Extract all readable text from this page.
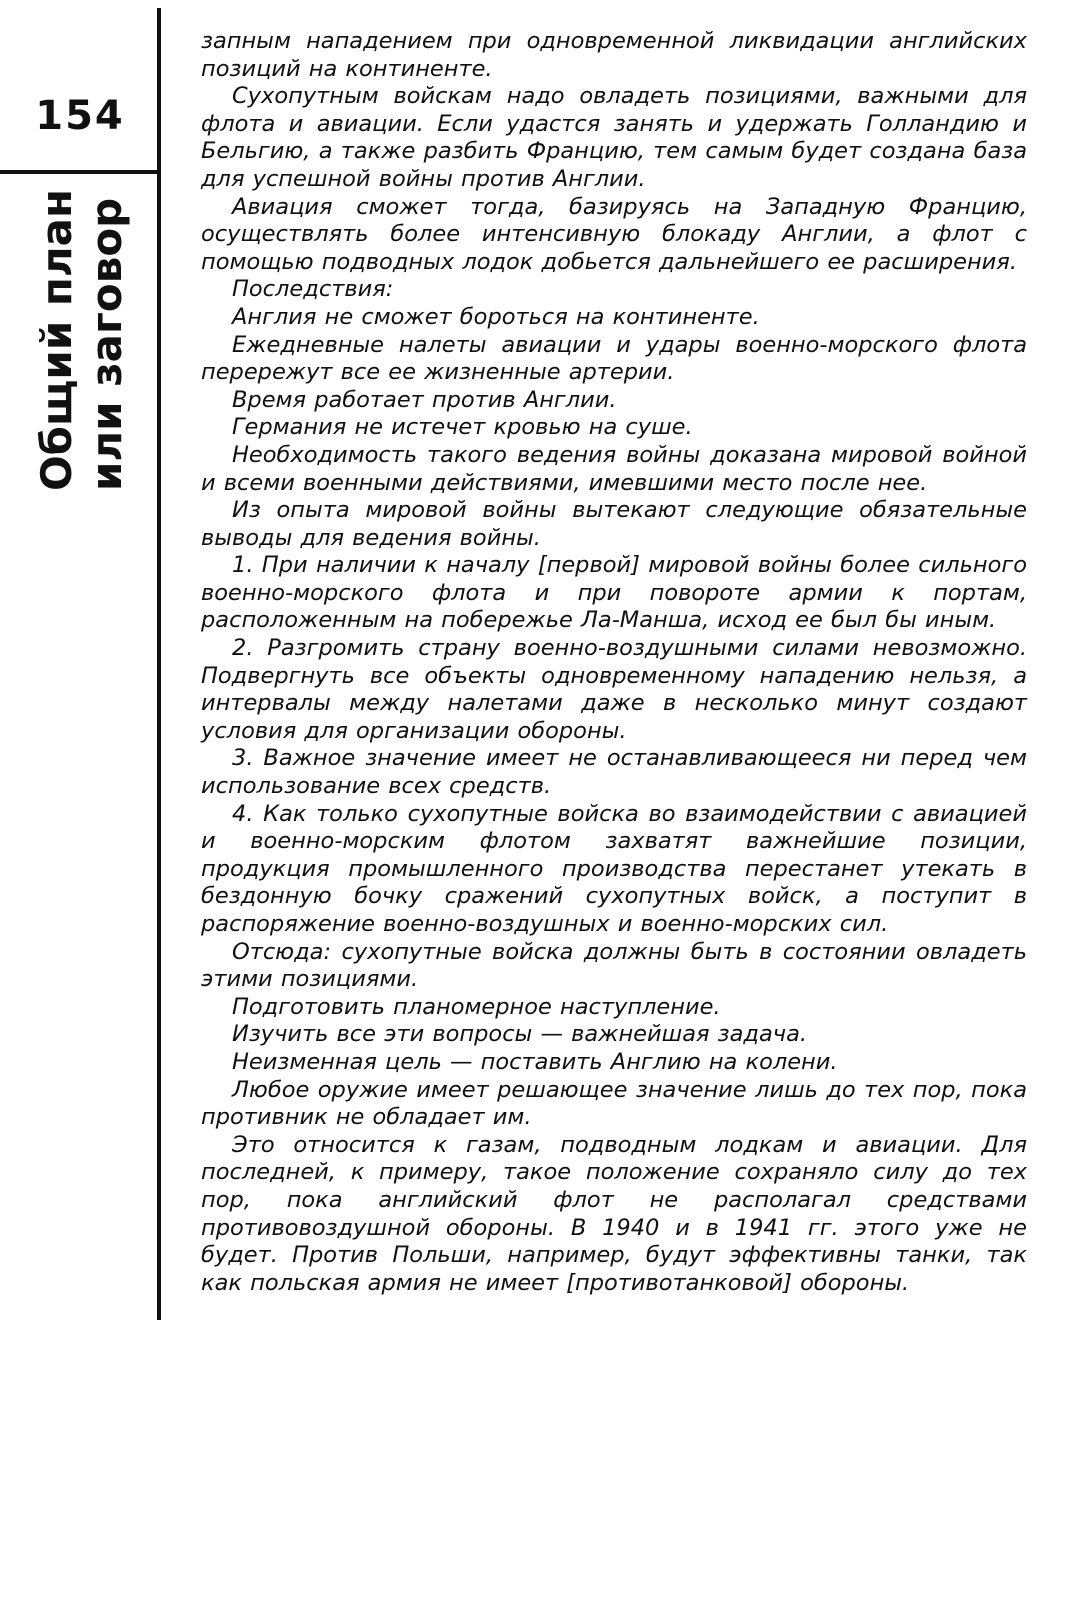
154
Общий план или заговор

запным нападением при одновременной ликвидации английских позиций на континенте.

Сухопутным войскам надо овладеть позициями, важными для флота и авиации. Если удастся занять и удержать Голландию и Бельгию, а также разбить Францию, тем самым будет создана база для успешной войны против Англии.

Авиация сможет тогда, базируясь на Западную Францию, осуществлять более интенсивную блокаду Англии, а флот с помощью подводных лодок добьется дальнейшего ее расширения.

Последствия:

Англия не сможет бороться на континенте.

Ежедневные налеты авиации и удары военно-морского флота перережут все ее жизненные артерии.

Время работает против Англии.

Германия не истечет кровью на суше.

Необходимость такого ведения войны доказана мировой войной и всеми военными действиями, имевшими место после нее.

Из опыта мировой войны вытекают следующие обязательные выводы для ведения войны.

1. При наличии к началу [первой] мировой войны более сильного военно-морского флота и при повороте армии к портам, расположенным на побережье Ла-Манша, исход ее был бы иным.

2. Разгромить страну военно-воздушными силами невозможно. Подвергнуть все объекты одновременному нападению нельзя, а интервалы между налетами даже в несколько минут создают условия для организации обороны.

3. Важное значение имеет не останавливающееся ни перед чем использование всех средств.

4. Как только сухопутные войска во взаимодействии с авиацией и военно-морским флотом захватят важнейшие позиции, продукция промышленного производства перестанет утекать в бездонную бочку сражений сухопутных войск, а поступит в распоряжение военно-воздушных и военно-морских сил.

Отсюда: сухопутные войска должны быть в состоянии овладеть этими позициями.

Подготовить планомерное наступление.

Изучить все эти вопросы — важнейшая задача.

Неизменная цель — поставить Англию на колени.

Любое оружие имеет решающее значение лишь до тех пор, пока противник не обладает им.

Это относится к газам, подводным лодкам и авиации. Для последней, к примеру, такое положение сохраняло силу до тех пор, пока английский флот не располагал средствами противовоздушной обороны. В 1940 и в 1941 гг. этого уже не будет. Против Польши, например, будут эффективны танки, так как польская армия не имеет [противотанковой] обороны.
